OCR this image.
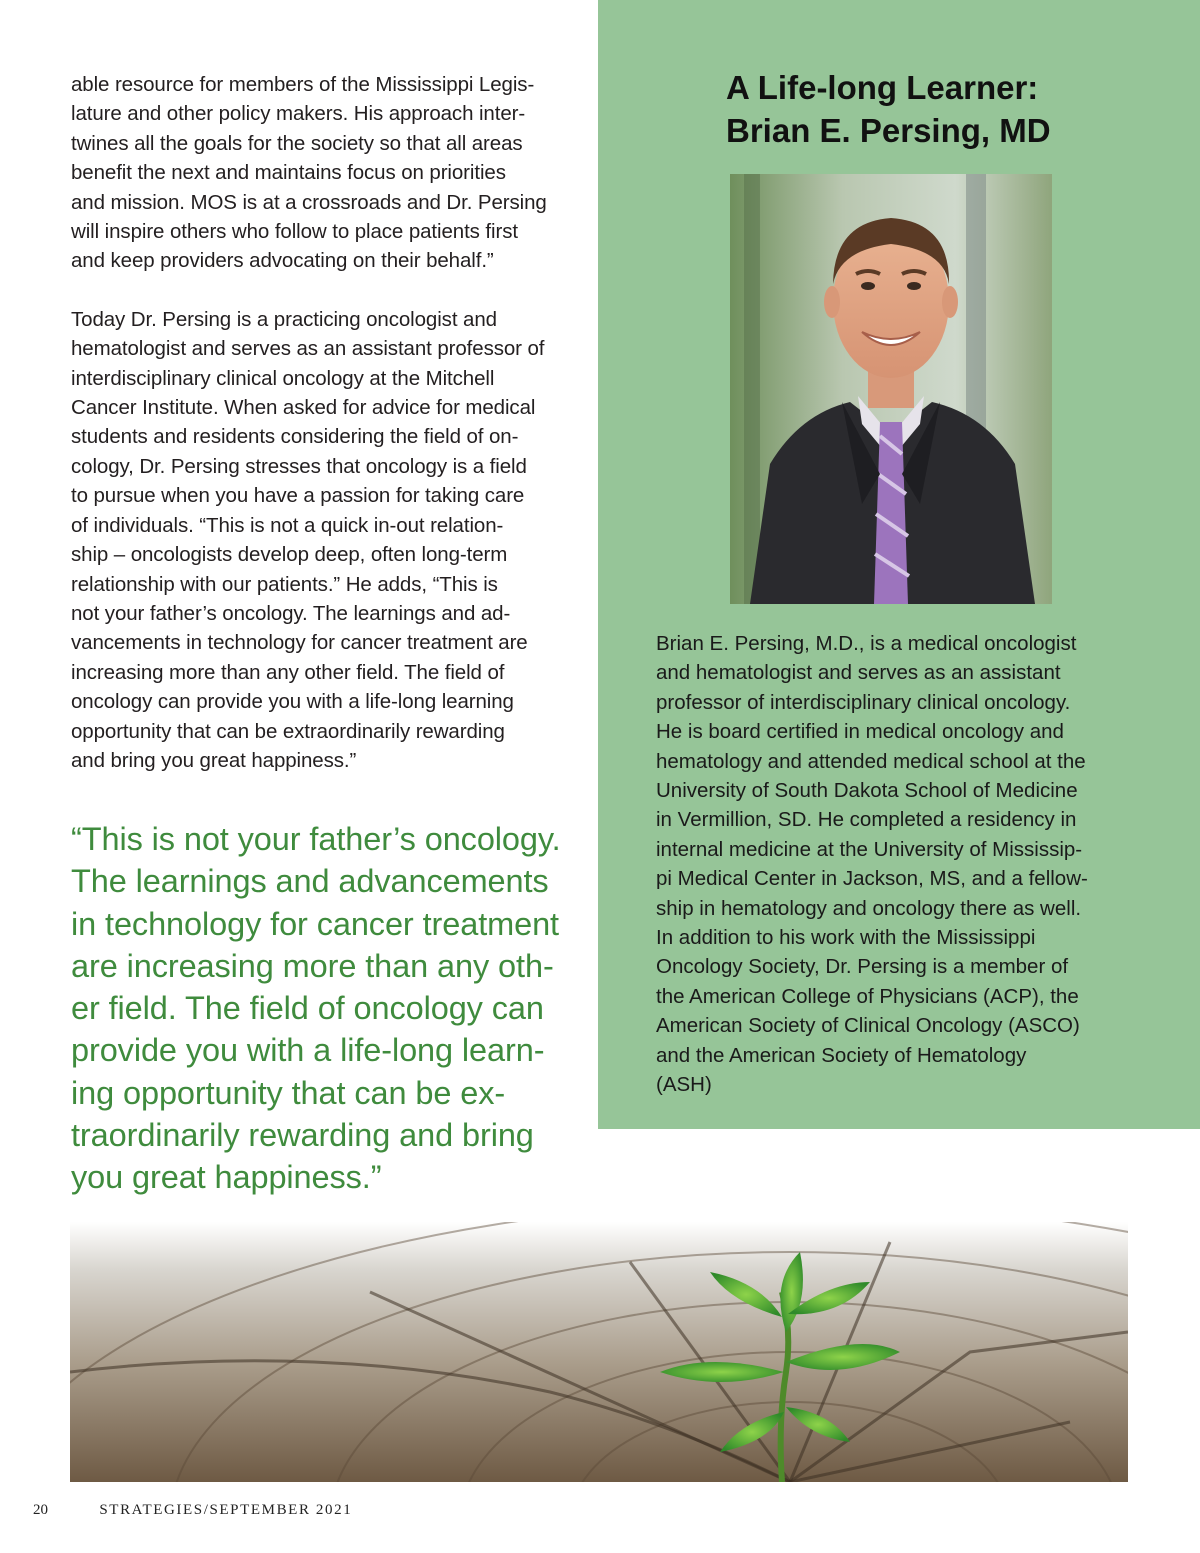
able resource for members of the Mississippi Legis-
lature and other policy makers. His approach inter-
twines all the goals for the society so that all areas
benefit the next and maintains focus on priorities
and mission. MOS is at a crossroads and Dr. Persing
will inspire others who follow to place patients first
and keep providers advocating on their behalf.”

Today Dr. Persing is a practicing oncologist and
hematologist and serves as an assistant professor of
interdisciplinary clinical oncology at the Mitchell
Cancer Institute. When asked for advice for medical
students and residents considering the field of on-
cology, Dr. Persing stresses that oncology is a field
to pursue when you have a passion for taking care
of individuals. “This is not a quick in-out relation-
ship – oncologists develop deep, often long-term
relationship with our patients.” He adds, “This is
not your father’s oncology. The learnings and ad-
vancements in technology for cancer treatment are
increasing more than any other field. The field of
oncology can provide you with a life-long learning
opportunity that can be extraordinarily rewarding
and bring you great happiness.”

“This is not your father’s oncology.
The learnings and advancements
in technology for cancer treatment
are increasing more than any oth-
er field. The field of oncology can
provide you with a life-long learn-
ing opportunity that can be ex-
traordinarily rewarding and bring
you great happiness.”

A Life-long Learner:
Brian E. Persing, MD

Brian E. Persing, M.D., is a medical oncologist
and hematologist and serves as an assistant
professor of interdisciplinary clinical oncology.
He is board certified in medical oncology and
hematology and attended medical school at the
University of South Dakota School of Medicine
in Vermillion, SD. He completed a residency in
internal medicine at the University of Mississip-
pi Medical Center in Jackson, MS, and a fellow-
ship in hematology and oncology there as well.
In addition to his work with the Mississippi
Oncology Society, Dr. Persing is a member of
the American College of Physicians (ACP), the
American Society of Clinical Oncology (ASCO)
and the American Society of Hematology
(ASH)

20	STRATEGIES/SEPTEMBER 2021
